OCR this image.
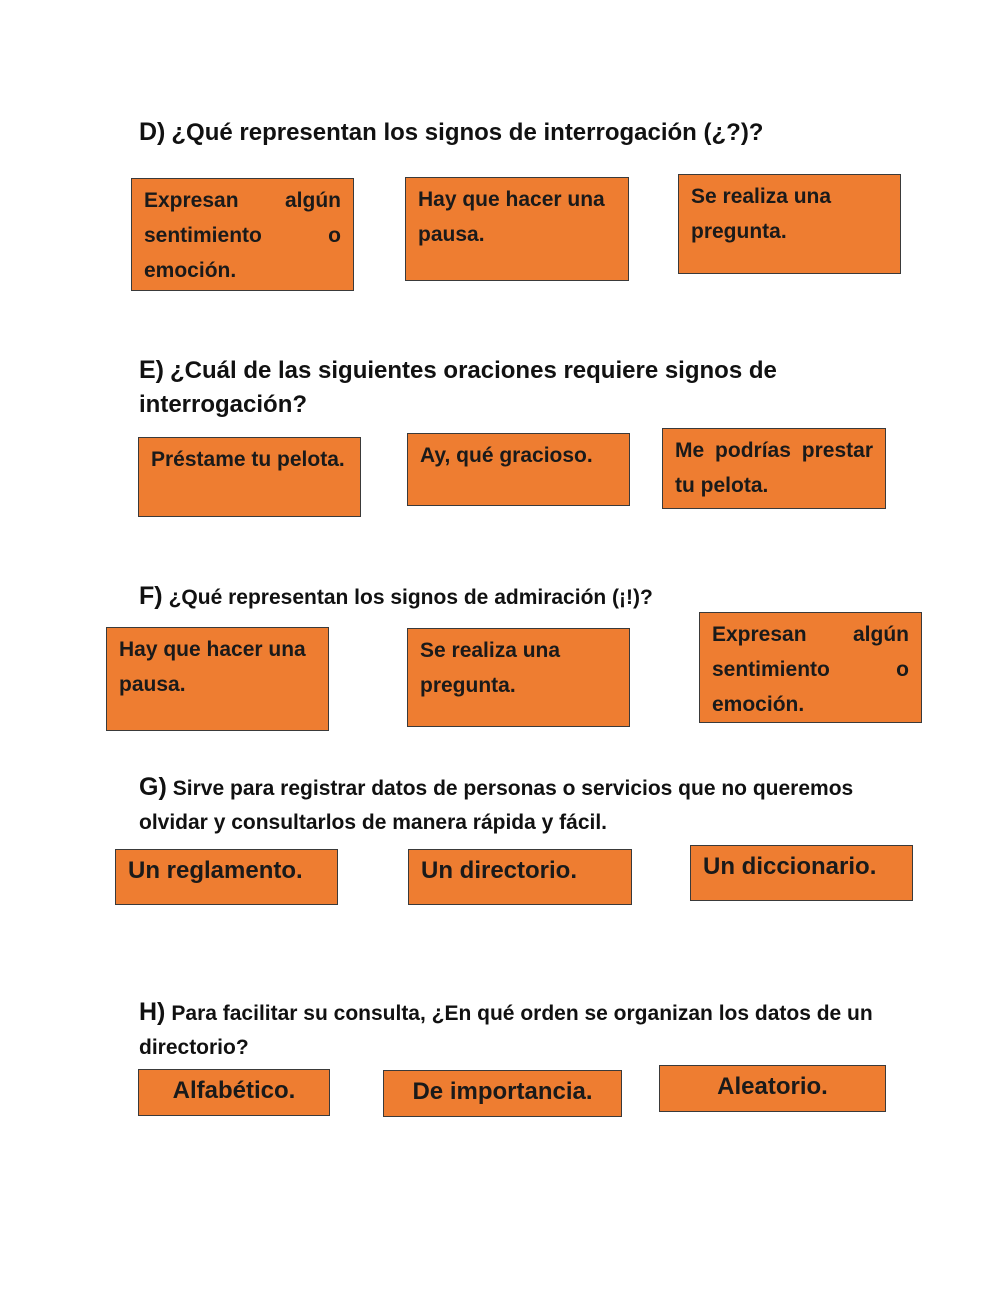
D) ¿Qué representan los signos de interrogación (¿?)?

Expresan algún sentimiento o emoción.
Hay que hacer una pausa.
Se realiza una pregunta.

E) ¿Cuál de las siguientes oraciones requiere signos de interrogación?

Préstame tu pelota.	Ay, qué gracioso.	Me podrías prestar tu pelota.

F) ¿Qué representan los signos de admiración (¡!)?

Hay que hacer una pausa.
Se realiza una pregunta.
Expresan algún sentimiento o emoción.

G) Sirve para registrar datos de personas o servicios que no queremos olvidar y consultarlos de manera rápida y fácil.

Un reglamento.	Un directorio.	Un diccionario.

H) Para facilitar su consulta, ¿En qué orden se organizan los datos de un directorio?

Alfabético.	De importancia.	Aleatorio.
